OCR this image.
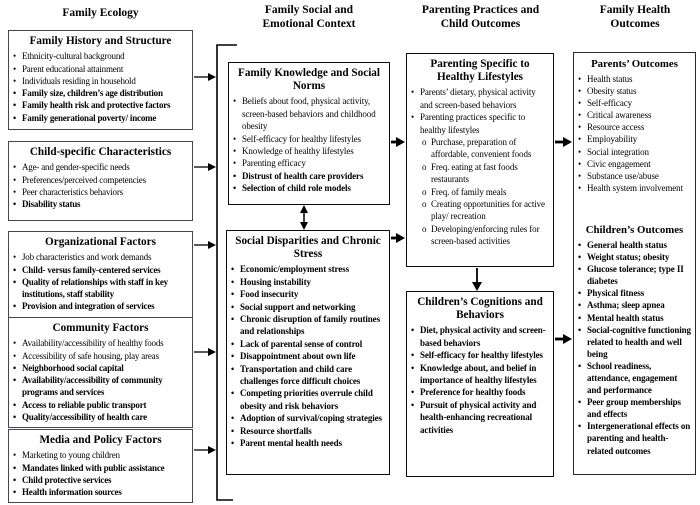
Family Ecology	Family Social and Emotional Context
Parenting Practices and Child Outcomes
Family Health Outcomes
Family History and Structure
• Ethnicity-cultural background
• Parent educational attainment
• Individuals residing in household
• Family size, children’s age distribution
• Family health risk and protective factors
• Family generational poverty/ income
Child-specific Characteristics
• Age- and gender-specific needs
• Preferences/perceived competencies
• Peer characteristics behaviors
• Disability status
Organizational Factors
• Job characteristics and work demands
• Child- versus family-centered services
• Quality of relationships with staff in key institutions, staff stability
• Provision and integration of services
Community Factors
• Availability/accessibility of healthy foods
• Accessibility of safe housing, play areas
• Neighborhood social capital
• Availability/accessibility of community programs and services
• Access to reliable public transport
• Quality/accessibility of health care
Media and Policy Factors
• Marketing to young children
• Mandates linked with public assistance
• Child protective services
• Health information sources
Family Knowledge and Social Norms
• Beliefs about food, physical activity, screen-based behaviors and childhood obesity
• Self-efficacy for healthy lifestyles
• Knowledge of healthy lifestyles
• Parenting efficacy
• Distrust of health care providers
• Selection of child role models
Social Disparities and Chronic Stress
• Economic/employment stress
• Housing instability
• Food insecurity
• Social support and networking
• Chronic disruption of family routines and relationships
• Lack of parental sense of control
• Disappointment about own life
• Transportation and child care challenges force difficult choices
• Competing priorities overrule child obesity and risk behaviors
• Adoption of survival/coping strategies
• Resource shortfalls
• Parent mental health needs
Parenting Specific to Healthy Lifestyles
• Parents’ dietary, physical activity and screen-based behaviors
• Parenting practices specific to healthy lifestyles
o Purchase, preparation of affordable, convenient foods
o Freq. eating at fast foods restaurants
o Freq. of family meals
o Creating opportunities for active play/ recreation
o Developing/enforcing rules for screen-based activities
Children’s Cognitions and Behaviors
• Diet, physical activity and screen-based behaviors
• Self-efficacy for healthy lifestyles
• Knowledge about, and belief in importance of healthy lifestyles
• Preference for healthy foods
• Pursuit of physical activity and health-enhancing recreational activities
Parents’ Outcomes
• Health status
• Obesity status
• Self-efficacy
• Critical awareness
• Resource access
• Employability
• Social integration
• Civic engagement
• Substance use/abuse
• Health system involvement
Children’s Outcomes
• General health status
• Weight status; obesity
• Glucose tolerance; type II diabetes
• Physical fitness
• Asthma; sleep apnea
• Mental health status
• Social-cognitive functioning related to health and well being
• School readiness, attendance, engagement and performance
• Peer group memberships and effects
• Intergenerational effects on parenting and health-related outcomes
